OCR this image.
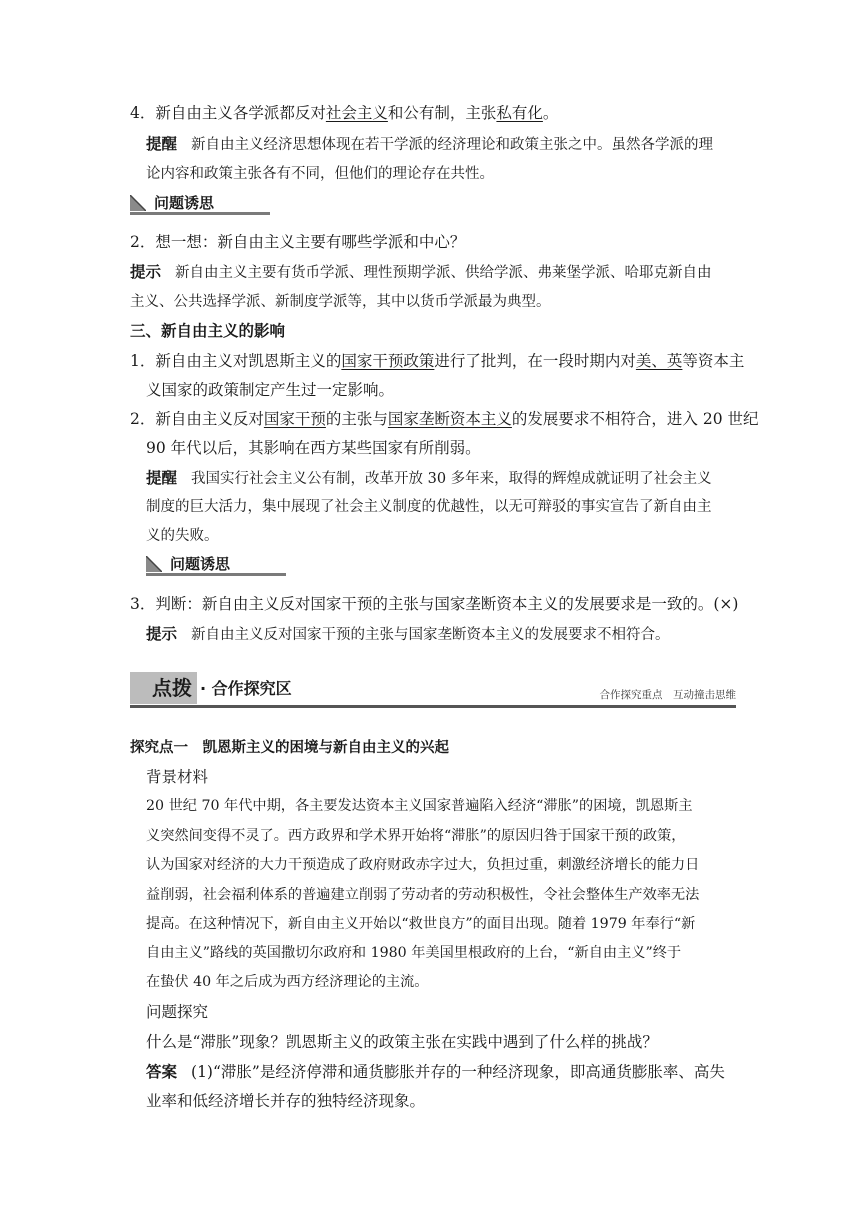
4．新自由主义各学派都反对社会主义和公有制，主张私有化。
提醒 新自由主义经济思想体现在若干学派的经济理论和政策主张之中。虽然各学派的理
论内容和政策主张各有不同，但他们的理论存在共性。
问题诱思
2．想一想：新自由主义主要有哪些学派和中心？
提示 新自由主义主要有货币学派、理性预期学派、供给学派、弗莱堡学派、哈耶克新自由
主义、公共选择学派、新制度学派等，其中以货币学派最为典型。
三、新自由主义的影响
1．新自由主义对凯恩斯主义的国家干预政策进行了批判，在一段时期内对美、英等资本主
义国家的政策制定产生过一定影响。
2．新自由主义反对国家干预的主张与国家垄断资本主义的发展要求不相符合，进入 20 世纪
90 年代以后，其影响在西方某些国家有所削弱。
提醒 我国实行社会主义公有制，改革开放 30 多年来，取得的辉煌成就证明了社会主义
制度的巨大活力，集中展现了社会主义制度的优越性，以无可辩驳的事实宣告了新自由主
义的失败。
问题诱思
3．判断：新自由主义反对国家干预的主张与国家垄断资本主义的发展要求是一致的。(×)
提示 新自由主义反对国家干预的主张与国家垄断资本主义的发展要求不相符合。
点拨 · 合作探究区	合作探究重点　互动撞击思维
探究点一　凯恩斯主义的困境与新自由主义的兴起
背景材料
20 世纪 70 年代中期，各主要发达资本主义国家普遍陷入经济“滞胀”的困境，凯恩斯主
义突然间变得不灵了。西方政界和学术界开始将“滞胀”的原因归咎于国家干预的政策，
认为国家对经济的大力干预造成了政府财政赤字过大，负担过重，刺激经济增长的能力日
益削弱，社会福利体系的普遍建立削弱了劳动者的劳动积极性，令社会整体生产效率无法
提高。在这种情况下，新自由主义开始以“救世良方”的面目出现。随着 1979 年奉行“新
自由主义”路线的英国撒切尔政府和 1980 年美国里根政府的上台，“新自由主义”终于
在蛰伏 40 年之后成为西方经济理论的主流。
问题探究
什么是“滞胀”现象？凯恩斯主义的政策主张在实践中遇到了什么样的挑战？
答案 (1)“滞胀”是经济停滞和通货膨胀并存的一种经济现象，即高通货膨胀率、高失
业率和低经济增长并存的独特经济现象。
